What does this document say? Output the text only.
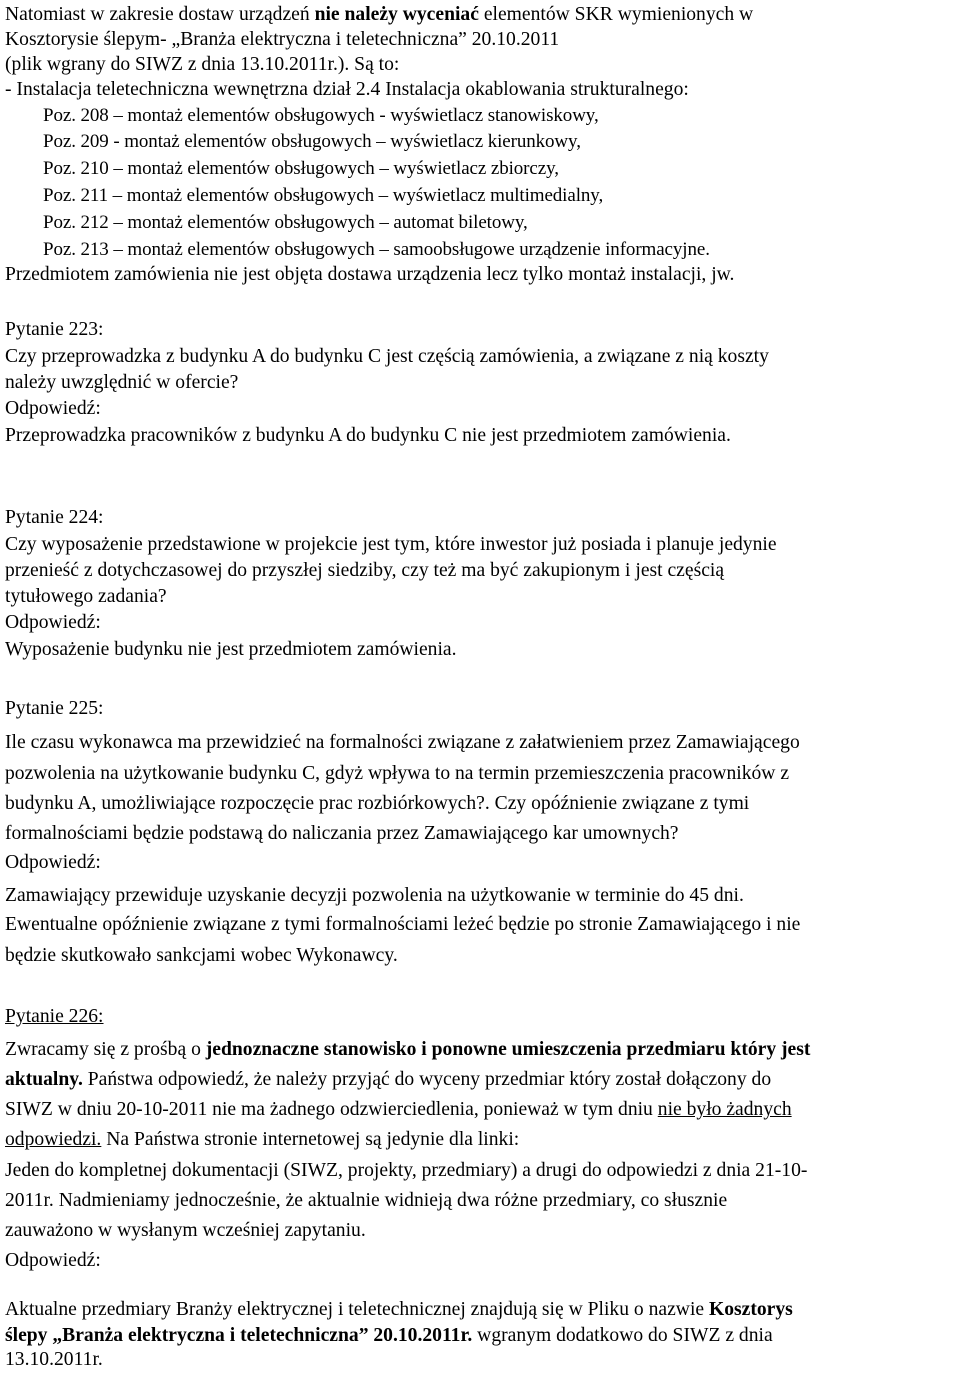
Natomiast w zakresie dostaw urządzeń nie należy wyceniać elementów SKR wymienionych w
Kosztorysie ślepym- „Branża elektryczna i teletechniczna” 20.10.2011
(plik wgrany do SIWZ z dnia 13.10.2011r.). Są to:
- Instalacja teletechniczna wewnętrzna dział 2.4 Instalacja okablowania strukturalnego:
Poz. 208 – montaż elementów obsługowych - wyświetlacz stanowiskowy,
Poz. 209 - montaż elementów obsługowych – wyświetlacz kierunkowy,
Poz. 210 – montaż elementów obsługowych – wyświetlacz zbiorczy,
Poz. 211 – montaż elementów obsługowych – wyświetlacz multimedialny,
Poz. 212 – montaż elementów obsługowych – automat biletowy,
Poz. 213 – montaż elementów obsługowych – samoobsługowe urządzenie informacyjne.
Przedmiotem zamówienia nie jest objęta dostawa urządzenia lecz tylko montaż instalacji, jw.
Pytanie 223:
Czy przeprowadzka z budynku A do budynku C jest częścią zamówienia, a związane z nią koszty
należy uwzględnić w ofercie?
Odpowiedź:
Przeprowadzka pracowników z budynku A do budynku C nie jest przedmiotem zamówienia.
Pytanie 224:
Czy wyposażenie przedstawione w projekcie jest tym, które inwestor już posiada i planuje jedynie
przenieść z dotychczasowej do przyszłej siedziby, czy też ma być zakupionym i jest częścią
tytułowego zadania?
Odpowiedź:
Wyposażenie budynku nie jest przedmiotem zamówienia.
Pytanie 225:
Ile czasu wykonawca ma przewidzieć na formalności związane z załatwieniem przez Zamawiającego
pozwolenia na użytkowanie budynku C, gdyż wpływa to na termin przemieszczenia pracowników z
budynku A, umożliwiające rozpoczęcie prac rozbiórkowych?. Czy opóźnienie związane z tymi
formalnościami będzie podstawą do naliczania przez Zamawiającego kar umownych?
Odpowiedź:
Zamawiający przewiduje uzyskanie decyzji pozwolenia na użytkowanie w terminie do 45 dni.
Ewentualne opóźnienie związane z tymi formalnościami leżeć będzie po stronie Zamawiającego i nie
będzie skutkowało sankcjami wobec Wykonawcy.
Pytanie 226:
Zwracamy się z prośbą o jednoznaczne stanowisko i ponowne umieszczenia przedmiaru który jest
aktualny. Państwa odpowiedź, że należy przyjąć do wyceny przedmiar który został dołączony do
SIWZ w dniu 20-10-2011 nie ma żadnego odzwierciedlenia, ponieważ w tym dniu nie było żadnych
odpowiedzi. Na Państwa stronie internetowej są jedynie dla linki:
Jeden do kompletnej dokumentacji (SIWZ, projekty, przedmiary) a drugi do odpowiedzi z dnia 21-10-
2011r. Nadmieniamy jednocześnie, że aktualnie widnieją dwa różne przedmiary, co słusznie
zauważono w wysłanym wcześniej zapytaniu.
Odpowiedź:
Aktualne przedmiary Branży elektrycznej i teletechnicznej znajdują się w Pliku o nazwie Kosztorys
ślepy „Branża elektryczna i teletechniczna” 20.10.2011r. wgranym dodatkowo do SIWZ z dnia
13.10.2011r.
